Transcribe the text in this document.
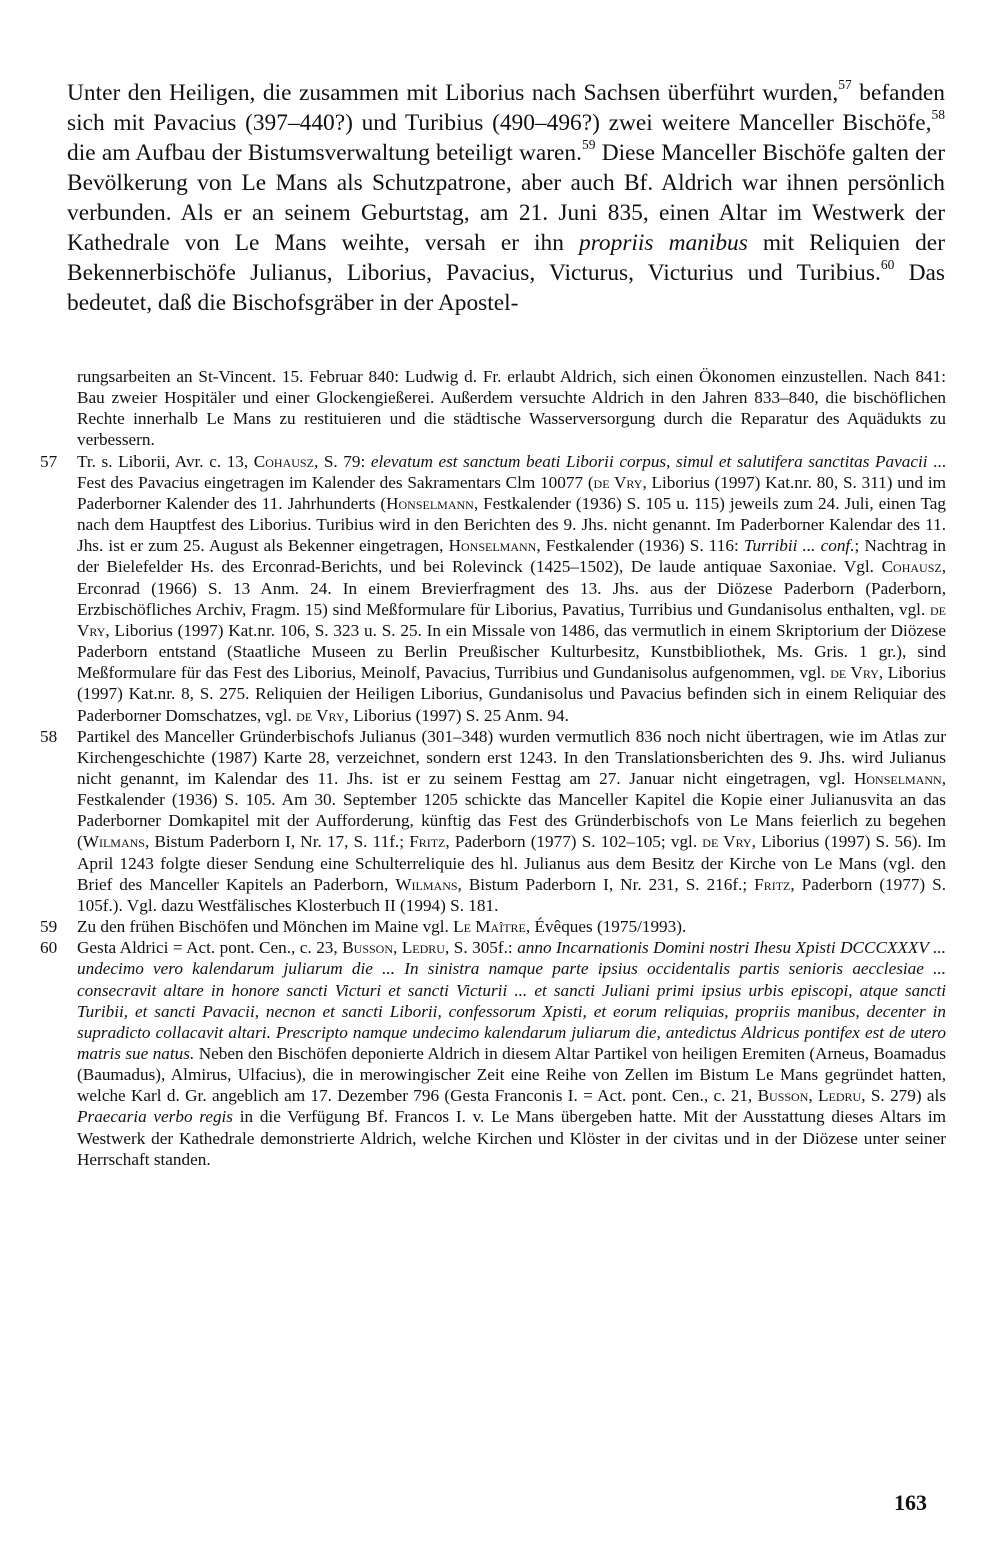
Unter den Heiligen, die zusammen mit Liborius nach Sachsen überführt wurden,$^{57}$ befanden sich mit Pavacius (397–440?) und Turibius (490–496?) zwei weitere Manceller Bischöfe,$^{58}$ die am Aufbau der Bistumsverwaltung beteiligt waren.$^{59}$ Diese Manceller Bischöfe galten der Bevölkerung von Le Mans als Schutzpatrone, aber auch Bf. Aldrich war ihnen persönlich verbunden. Als er an seinem Geburtstag, am 21. Juni 835, einen Altar im Westwerk der Kathedrale von Le Mans weihte, versah er ihn propriis manibus mit Reliquien der Bekennerbischöfe Julianus, Liborius, Pavacius, Victurus, Victurius und Turibius.$^{60}$ Das bedeutet, daß die Bischofsgräber in der Apostel-

rungsarbeiten an St-Vincent. 15. Februar 840: Ludwig d. Fr. erlaubt Aldrich, sich einen Ökonomen einzustellen. Nach 841: Bau zweier Hospitäler und einer Glockengießerei. Außerdem versuchte Aldrich in den Jahren 833–840, die bischöflichen Rechte innerhalb Le Mans zu restituieren und die städtische Wasserversorgung durch die Reparatur des Aquädukts zu verbessern.

57	Tr. s. Liborii, Avr. c. 13, Cohausz, S. 79: elevatum est sanctum beati Liborii corpus, simul et salutifera sanctitas Pavacii ... Fest des Pavacius eingetragen im Kalender des Sakramentars Clm 10077 (de Vry, Liborius (1997) Kat.nr. 80, S. 311) und im Paderborner Kalender des 11. Jahrhunderts (Honselmann, Festkalender (1936) S. 105 u. 115) jeweils zum 24. Juli, einen Tag nach dem Hauptfest des Liborius. Turibius wird in den Berichten des 9. Jhs. nicht genannt. Im Paderborner Kalendar des 11. Jhs. ist er zum 25. August als Bekenner eingetragen, Honselmann, Festkalender (1936) S. 116: Turribii ... conf.; Nachtrag in der Bielefelder Hs. des Erconrad-Berichts, und bei Rolevinck (1425–1502), De laude antiquae Saxoniae. Vgl. Cohausz, Erconrad (1966) S. 13 Anm. 24. In einem Brevierfragment des 13. Jhs. aus der Diözese Paderborn (Paderborn, Erzbischöfliches Archiv, Fragm. 15) sind Meßformulare für Liborius, Pavatius, Turribius und Gundanisolus enthalten, vgl. de Vry, Liborius (1997) Kat.nr. 106, S. 323 u. S. 25. In ein Missale von 1486, das vermutlich in einem Skriptorium der Diözese Paderborn entstand (Staatliche Museen zu Berlin Preußischer Kulturbesitz, Kunstbibliothek, Ms. Gris. 1 gr.), sind Meßformulare für das Fest des Liborius, Meinolf, Pavacius, Turribius und Gundanisolus aufgenommen, vgl. de Vry, Liborius (1997) Kat.nr. 8, S. 275. Reliquien der Heiligen Liborius, Gundanisolus und Pavacius befinden sich in einem Reliquiar des Paderborner Domschatzes, vgl. de Vry, Liborius (1997) S. 25 Anm. 94.

58	Partikel des Manceller Gründerbischofs Julianus (301–348) wurden vermutlich 836 noch nicht übertragen, wie im Atlas zur Kirchengeschichte (1987) Karte 28, verzeichnet, sondern erst 1243. In den Translationsberichten des 9. Jhs. wird Julianus nicht genannt, im Kalendar des 11. Jhs. ist er zu seinem Festtag am 27. Januar nicht eingetragen, vgl. Honselmann, Festkalender (1936) S. 105. Am 30. September 1205 schickte das Manceller Kapitel die Kopie einer Julianusvita an das Paderborner Domkapitel mit der Aufforderung, künftig das Fest des Gründerbischofs von Le Mans feierlich zu begehen (Wilmans, Bistum Paderborn I, Nr. 17, S. 11f.; Fritz, Paderborn (1977) S. 102–105; vgl. de Vry, Liborius (1997) S. 56). Im April 1243 folgte dieser Sendung eine Schulterreliquie des hl. Julianus aus dem Besitz der Kirche von Le Mans (vgl. den Brief des Manceller Kapitels an Paderborn, Wilmans, Bistum Paderborn I, Nr. 231, S. 216f.; Fritz, Paderborn (1977) S. 105f.). Vgl. dazu Westfälisches Klosterbuch II (1994) S. 181.

59	Zu den frühen Bischöfen und Mönchen im Maine vgl. Le Maître, Évêques (1975/1993).

60	Gesta Aldrici = Act. pont. Cen., c. 23, Busson, Ledru, S. 305f.: anno Incarnationis Domini nostri Ihesu Xpisti DCCCXXXV ... undecimo vero kalendarum juliarum die ... In sinistra namque parte ipsius occidentalis partis senioris aecclesiae ... consecravit altare in honore sancti Victuri et sancti Victurii ... et sancti Juliani primi ipsius urbis episcopi, atque sancti Turibii, et sancti Pavacii, necnon et sancti Liborii, confessorum Xpisti, et eorum reliquias, propriis manibus, decenter in supradicto collacavit altari. Prescripto namque undecimo kalendarum juliarum die, antedictus Aldricus pontifex est de utero matris sue natus. Neben den Bischöfen deponierte Aldrich in diesem Altar Partikel von heiligen Eremiten (Arneus, Boamadus (Baumadus), Almirus, Ulfacius), die in merowingischer Zeit eine Reihe von Zellen im Bistum Le Mans gegründet hatten, welche Karl d. Gr. angeblich am 17. Dezember 796 (Gesta Franconis I. = Act. pont. Cen., c. 21, Busson, Ledru, S. 279) als Praecaria verbo regis in die Verfügung Bf. Francos I. v. Le Mans übergeben hatte. Mit der Ausstattung dieses Altars im Westwerk der Kathedrale demonstrierte Aldrich, welche Kirchen und Klöster in der civitas und in der Diözese unter seiner Herrschaft standen.

163
